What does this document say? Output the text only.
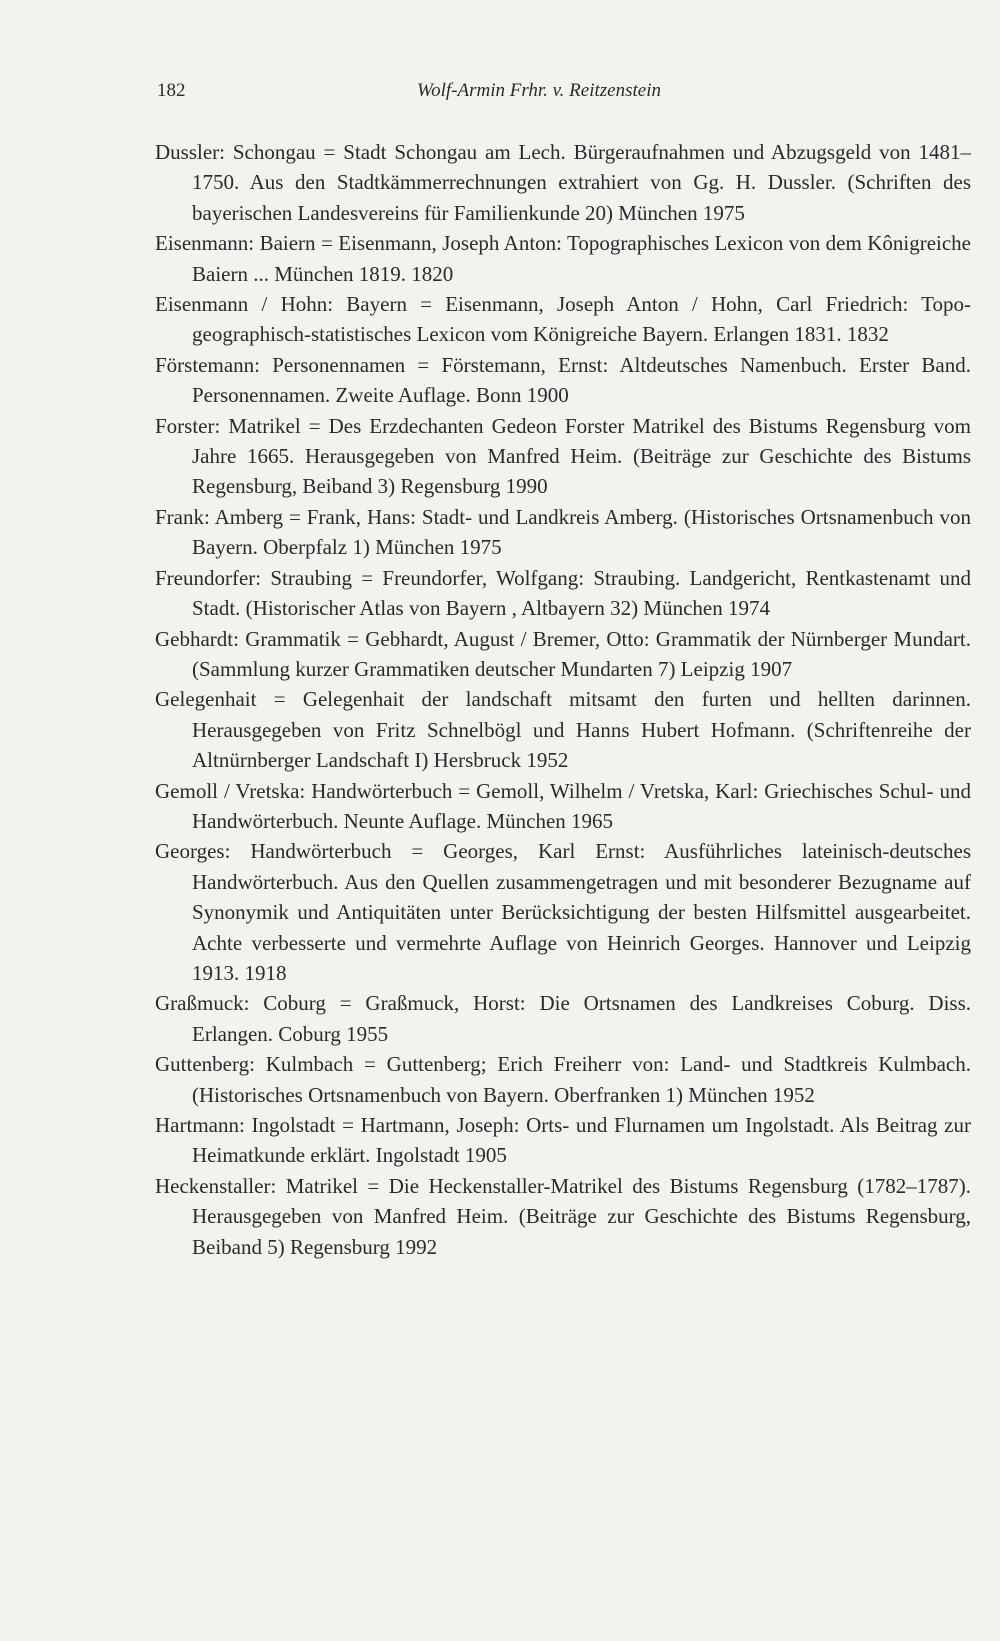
182	Wolf-Armin Frhr. v. Reitzenstein

Dussler: Schongau = Stadt Schongau am Lech. Bürgeraufnahmen und Abzugsgeld von 1481–1750. Aus den Stadtkämmerrechnungen extrahiert von Gg. H. Dussler. (Schriften des bayerischen Landesvereins für Familienkunde 20) München 1975

Eisenmann: Baiern = Eisenmann, Joseph Anton: Topographisches Lexicon von dem Kônigreiche Baiern ... München 1819. 1820

Eisenmann / Hohn: Bayern = Eisenmann, Joseph Anton / Hohn, Carl Friedrich: Topo-geographisch-statistisches Lexicon vom Königreiche Bayern. Erlangen 1831. 1832

Förstemann: Personennamen = Förstemann, Ernst: Altdeutsches Namenbuch. Erster Band. Personennamen. Zweite Auflage. Bonn 1900

Forster: Matrikel = Des Erzdechanten Gedeon Forster Matrikel des Bistums Regensburg vom Jahre 1665. Herausgegeben von Manfred Heim. (Beiträge zur Geschichte des Bistums Regensburg, Beiband 3) Regensburg 1990

Frank: Amberg = Frank, Hans: Stadt- und Landkreis Amberg. (Historisches Ortsnamenbuch von Bayern. Oberpfalz 1) München 1975

Freundorfer: Straubing = Freundorfer, Wolfgang: Straubing. Landgericht, Rentkastenamt und Stadt. (Historischer Atlas von Bayern , Altbayern 32) München 1974

Gebhardt: Grammatik = Gebhardt, August / Bremer, Otto: Grammatik der Nürnberger Mundart. (Sammlung kurzer Grammatiken deutscher Mundarten 7) Leipzig 1907

Gelegenhait = Gelegenhait der landschaft mitsamt den furten und hellten darinnen. Herausgegeben von Fritz Schnelbögl und Hanns Hubert Hofmann. (Schriftenreihe der Altnürnberger Landschaft I) Hersbruck 1952

Gemoll / Vretska: Handwörterbuch = Gemoll, Wilhelm / Vretska, Karl: Griechisches Schul- und Handwörterbuch. Neunte Auflage. München 1965

Georges: Handwörterbuch = Georges, Karl Ernst: Ausführliches lateinisch-deutsches Handwörterbuch. Aus den Quellen zusammengetragen und mit besonderer Bezugname auf Synonymik und Antiquitäten unter Berücksichtigung der besten Hilfsmittel ausgearbeitet. Achte verbesserte und vermehrte Auflage von Heinrich Georges. Hannover und Leipzig 1913. 1918

Graßmuck: Coburg = Graßmuck, Horst: Die Ortsnamen des Landkreises Coburg. Diss. Erlangen. Coburg 1955

Guttenberg: Kulmbach = Guttenberg; Erich Freiherr von: Land- und Stadtkreis Kulmbach. (Historisches Ortsnamenbuch von Bayern. Oberfranken 1) München 1952

Hartmann: Ingolstadt = Hartmann, Joseph: Orts- und Flurnamen um Ingolstadt. Als Beitrag zur Heimatkunde erklärt. Ingolstadt 1905

Heckenstaller: Matrikel = Die Heckenstaller-Matrikel des Bistums Regensburg (1782–1787). Herausgegeben von Manfred Heim. (Beiträge zur Geschichte des Bistums Regensburg, Beiband 5) Regensburg 1992
